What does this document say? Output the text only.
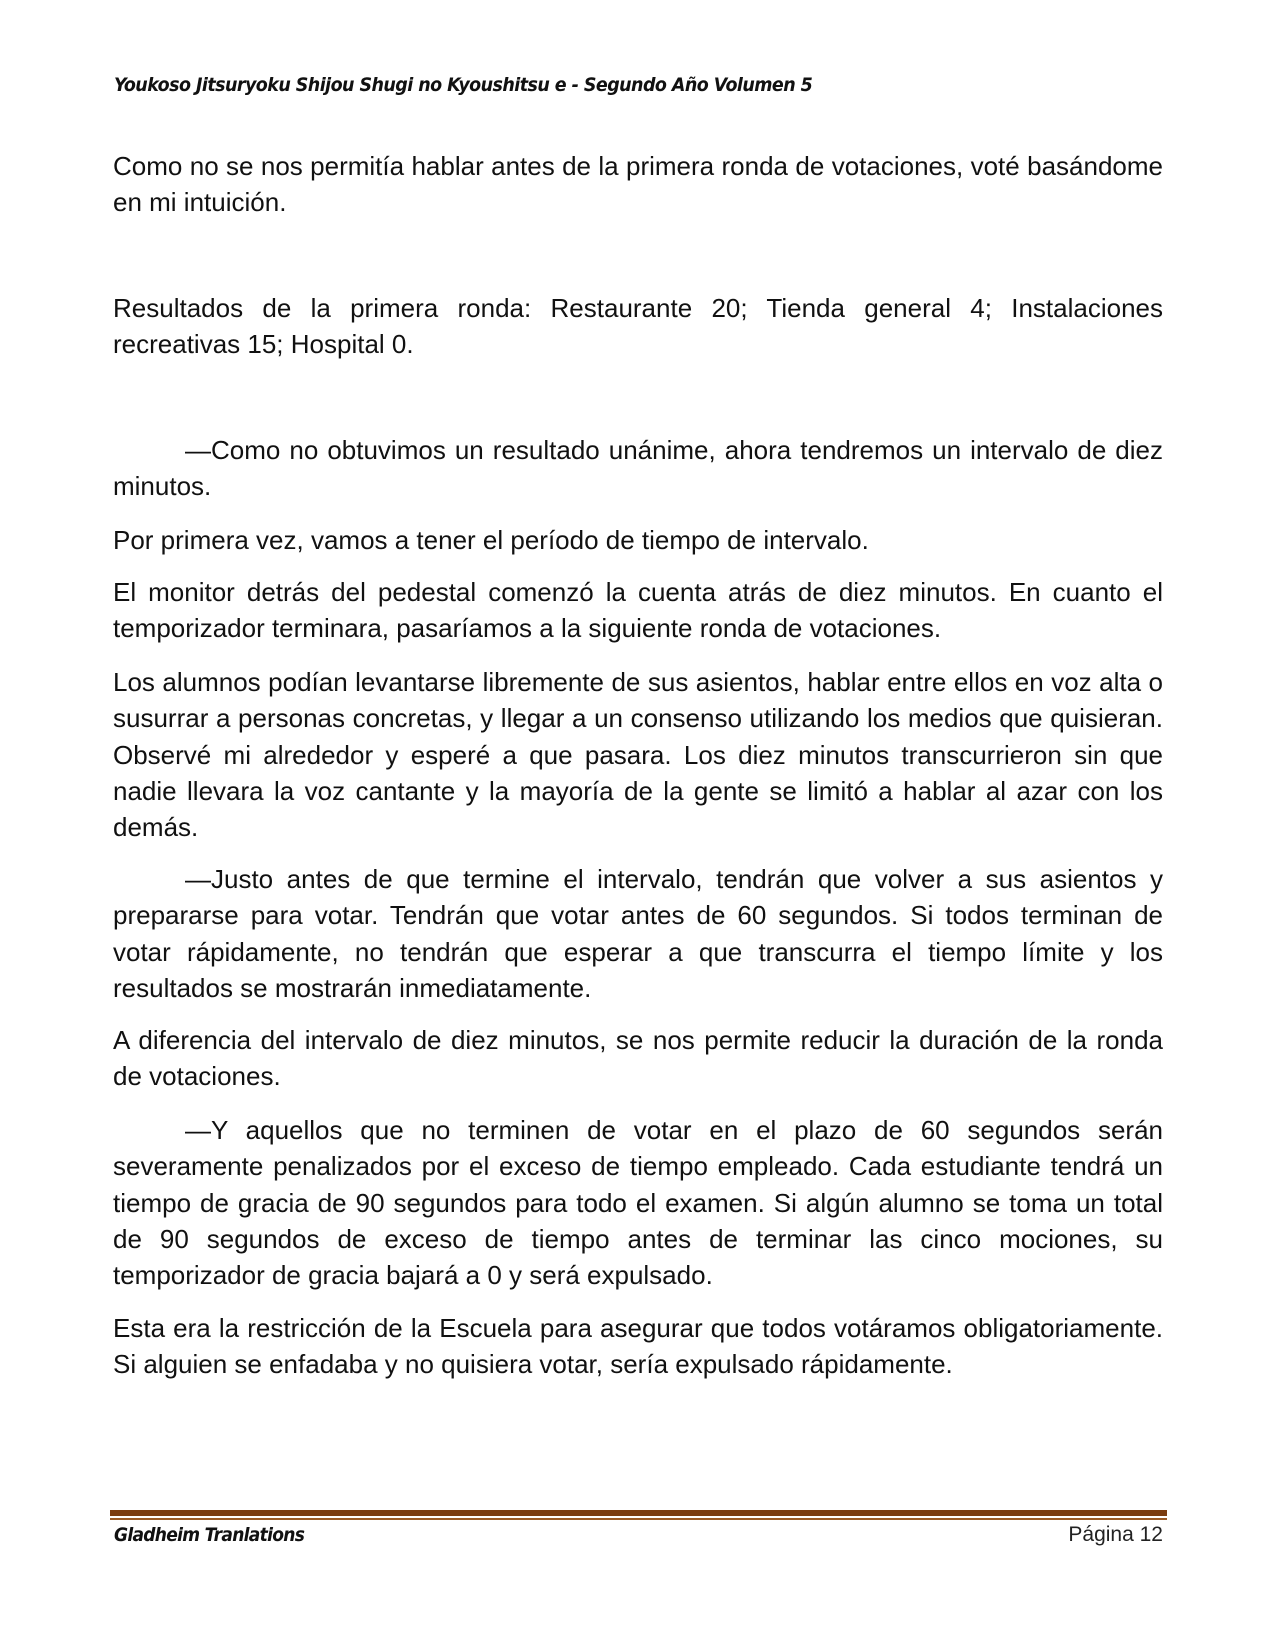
Youkoso Jitsuryoku Shijou Shugi no Kyoushitsu e - Segundo Año Volumen 5

Como no se nos permitía hablar antes de la primera ronda de votaciones, voté basándome en mi intuición.

Resultados de la primera ronda: Restaurante 20; Tienda general 4; Instalaciones recreativas 15; Hospital 0.

—Como no obtuvimos un resultado unánime, ahora tendremos un intervalo de diez minutos.

Por primera vez, vamos a tener el período de tiempo de intervalo.

El monitor detrás del pedestal comenzó la cuenta atrás de diez minutos. En cuanto el temporizador terminara, pasaríamos a la siguiente ronda de votaciones.

Los alumnos podían levantarse libremente de sus asientos, hablar entre ellos en voz alta o susurrar a personas concretas, y llegar a un consenso utilizando los medios que quisieran. Observé mi alrededor y esperé a que pasara. Los diez minutos transcurrieron sin que nadie llevara la voz cantante y la mayoría de la gente se limitó a hablar al azar con los demás.

—Justo antes de que termine el intervalo, tendrán que volver a sus asientos y prepararse para votar. Tendrán que votar antes de 60 segundos. Si todos terminan de votar rápidamente, no tendrán que esperar a que transcurra el tiempo límite y los resultados se mostrarán inmediatamente.

A diferencia del intervalo de diez minutos, se nos permite reducir la duración de la ronda de votaciones.

—Y aquellos que no terminen de votar en el plazo de 60 segundos serán severamente penalizados por el exceso de tiempo empleado. Cada estudiante tendrá un tiempo de gracia de 90 segundos para todo el examen. Si algún alumno se toma un total de 90 segundos de exceso de tiempo antes de terminar las cinco mociones, su temporizador de gracia bajará a 0 y será expulsado.

Esta era la restricción de la Escuela para asegurar que todos votáramos obligatoriamente. Si alguien se enfadaba y no quisiera votar, sería expulsado rápidamente.

Gladheim Tranlations	Página 12
